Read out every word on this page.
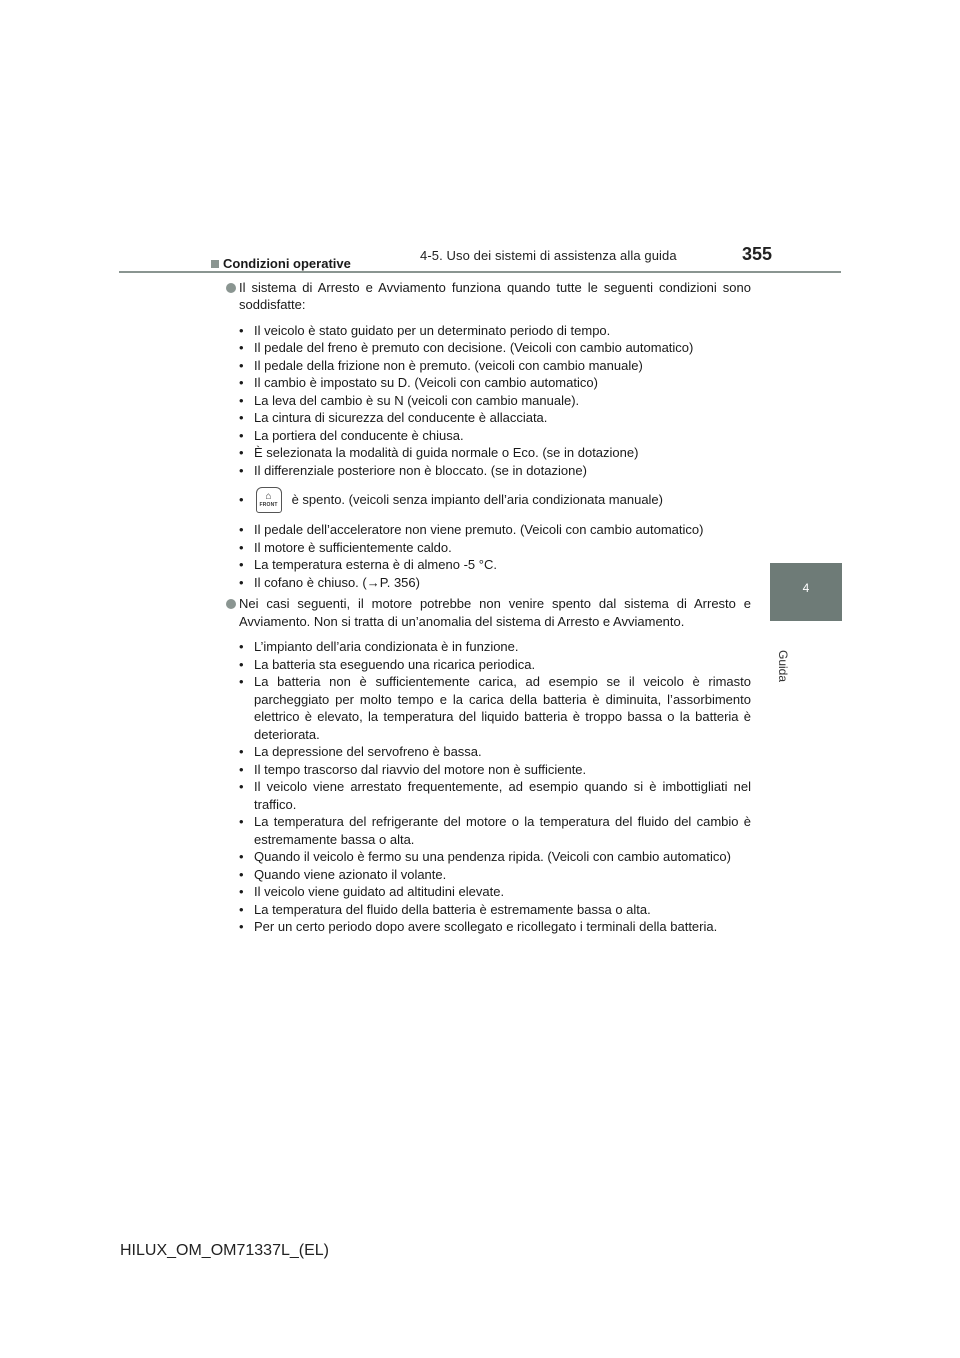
4-5. Uso dei sistemi di assistenza alla guida	355
4
Guida
Condizioni operative
Il sistema di Arresto e Avviamento funziona quando tutte le seguenti condizioni sono soddisfatte:
• Il veicolo è stato guidato per un determinato periodo di tempo.
• Il pedale del freno è premuto con decisione. (Veicoli con cambio automatico)
• Il pedale della frizione non è premuto. (veicoli con cambio manuale)
• Il cambio è impostato su D. (Veicoli con cambio automatico)
• La leva del cambio è su N (veicoli con cambio manuale).
• La cintura di sicurezza del conducente è allacciata.
• La portiera del conducente è chiusa.
• È selezionata la modalità di guida normale o Eco. (se in dotazione)
• Il differenziale posteriore non è bloccato. (se in dotazione)
• ⌂
FRONT è spento. (veicoli senza impianto dell’aria condizionata manuale)
• Il pedale dell’acceleratore non viene premuto. (Veicoli con cambio automatico)
• Il motore è sufficientemente caldo.
• La temperatura esterna è di almeno -5 °C.
• Il cofano è chiuso. (→P. 356)
Nei casi seguenti, il motore potrebbe non venire spento dal sistema di Arresto e Avviamento. Non si tratta di un’anomalia del sistema di Arresto e Avviamento.
• L’impianto dell’aria condizionata è in funzione.
• La batteria sta eseguendo una ricarica periodica.
• La batteria non è sufficientemente carica, ad esempio se il veicolo è rimasto parcheggiato per molto tempo e la carica della batteria è diminuita, l’assorbimento elettrico è elevato, la temperatura del liquido batteria è troppo bassa o la batteria è deteriorata.
• La depressione del servofreno è bassa.
• Il tempo trascorso dal riavvio del motore non è sufficiente.
• Il veicolo viene arrestato frequentemente, ad esempio quando si è imbottigliati nel traffico.
• La temperatura del refrigerante del motore o la temperatura del fluido del cambio è estremamente bassa o alta.
• Quando il veicolo è fermo su una pendenza ripida. (Veicoli con cambio automatico)
• Quando viene azionato il volante.
• Il veicolo viene guidato ad altitudini elevate.
• La temperatura del fluido della batteria è estremamente bassa o alta.
• Per un certo periodo dopo avere scollegato e ricollegato i terminali della batteria.
HILUX_OM_OM71337L_(EL)
